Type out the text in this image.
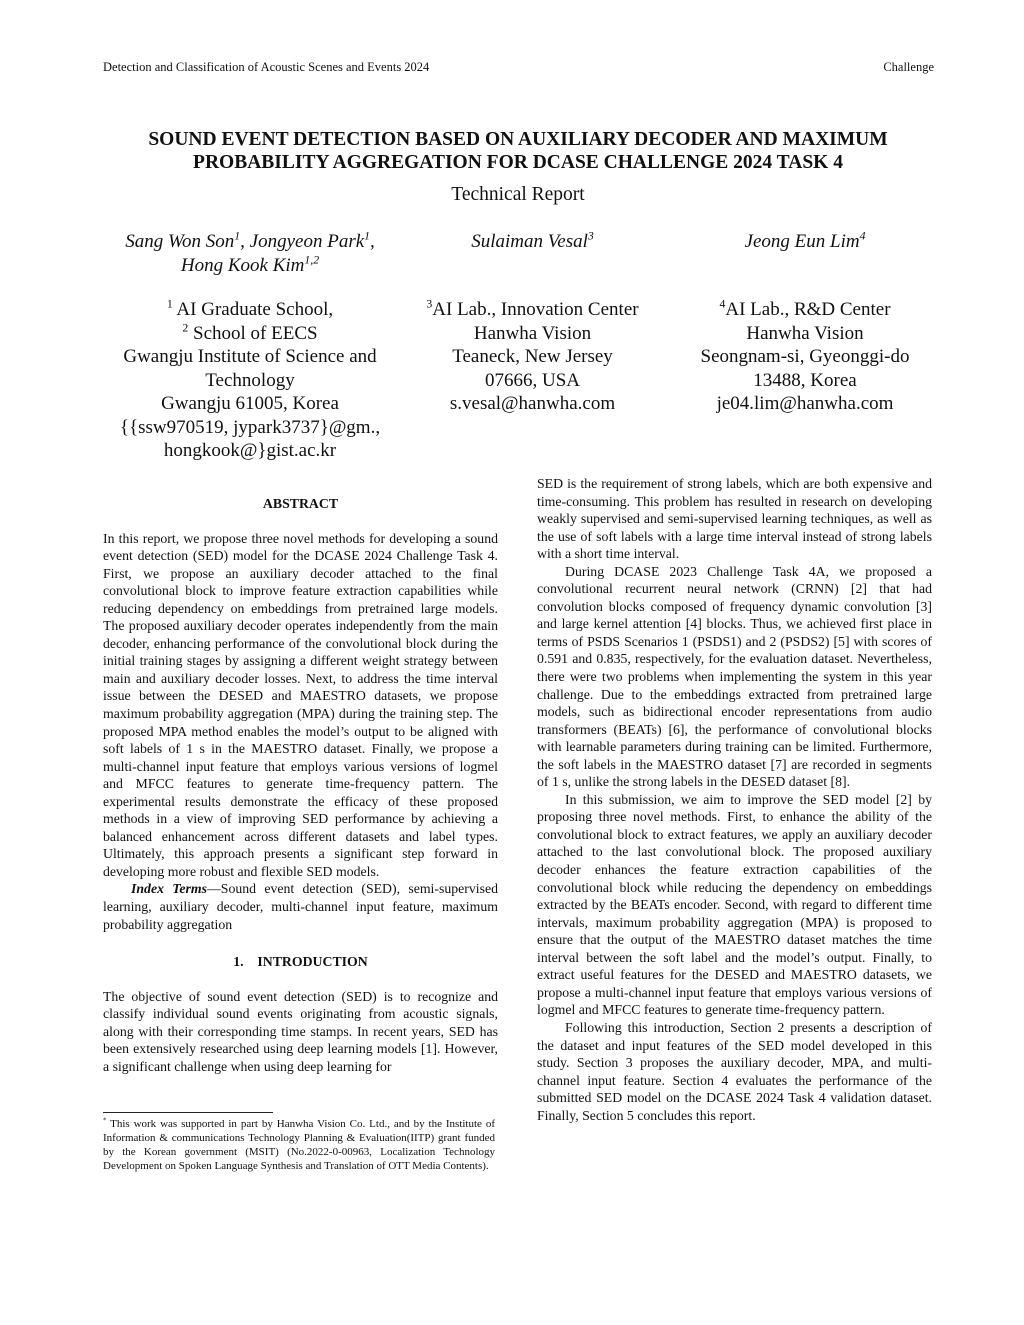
Detection and Classification of Acoustic Scenes and Events 2024	Challenge
SOUND EVENT DETECTION BASED ON AUXILIARY DECODER AND MAXIMUM
PROBABILITY AGGREGATION FOR DCASE CHALLENGE 2024 TASK 4
Technical Report
Sang Won Son$^1$, Jongyeon Park$^1$,
Hong Kook Kim$^{1,2}$
$^1$ AI Graduate School,
$^2$ School of EECS
Gwangju Institute of Science and
Technology
Gwangju 61005, Korea
{{ssw970519, jypark3737}@gm.,
hongkook@}gist.ac.kr
Sulaiman Vesal$^3$

$^3$AI Lab., Innovation Center
Hanwha Vision
Teaneck, New Jersey
07666, USA
s.vesal@hanwha.com
Jeong Eun Lim$^4$

$^4$AI Lab., R&D Center
Hanwha Vision
Seongnam-si, Gyeonggi-do
13488, Korea
je04.lim@hanwha.com
ABSTRACT

In this report, we propose three novel methods for developing a sound event detection (SED) model for the DCASE 2024 Challenge Task 4. First, we propose an auxiliary decoder attached to the final convolutional block to improve feature extraction capabilities while reducing dependency on embeddings from pretrained large models. The proposed auxiliary decoder operates independently from the main decoder, enhancing performance of the convolutional block during the initial training stages by assigning a different weight strategy between main and auxiliary decoder losses. Next, to address the time interval issue between the DESED and MAESTRO datasets, we propose maximum probability aggregation (MPA) during the training step. The proposed MPA method enables the model’s output to be aligned with soft labels of 1 s in the MAESTRO dataset. Finally, we propose a multi-channel input feature that employs various versions of logmel and MFCC features to generate time-frequency pattern. The experimental results demonstrate the efficacy of these proposed methods in a view of improving SED performance by achieving a balanced enhancement across different datasets and label types. Ultimately, this approach presents a significant step forward in developing more robust and flexible SED models.

Index Terms—Sound event detection (SED), semi-supervised learning, auxiliary decoder, multi-channel input feature, maximum probability aggregation

1.    INTRODUCTION

The objective of sound event detection (SED) is to recognize and classify individual sound events originating from acoustic signals, along with their corresponding time stamps. In recent years, SED has been extensively researched using deep learning models [1]. However, a significant challenge when using deep learning for

* This work was supported in part by Hanwha Vision Co. Ltd., and by the Institute of Information & communications Technology Planning & Evaluation(IITP) grant funded by the Korean government (MSIT) (No.2022-0-00963, Localization Technology Development on Spoken Language Synthesis and Translation of OTT Media Contents).

SED is the requirement of strong labels, which are both expensive and time-consuming. This problem has resulted in research on developing weakly supervised and semi-supervised learning techniques, as well as the use of soft labels with a large time interval instead of strong labels with a short time interval.

During DCASE 2023 Challenge Task 4A, we proposed a convolutional recurrent neural network (CRNN) [2] that had convolution blocks composed of frequency dynamic convolution [3] and large kernel attention [4] blocks. Thus, we achieved first place in terms of PSDS Scenarios 1 (PSDS1) and 2 (PSDS2) [5] with scores of 0.591 and 0.835, respectively, for the evaluation dataset. Nevertheless, there were two problems when implementing the system in this year challenge. Due to the embeddings extracted from pretrained large models, such as bidirectional encoder representations from audio transformers (BEATs) [6], the performance of convolutional blocks with learnable parameters during training can be limited. Furthermore, the soft labels in the MAESTRO dataset [7] are recorded in segments of 1 s, unlike the strong labels in the DESED dataset [8].

In this submission, we aim to improve the SED model [2] by proposing three novel methods. First, to enhance the ability of the convolutional block to extract features, we apply an auxiliary decoder attached to the last convolutional block. The proposed auxiliary decoder enhances the feature extraction capabilities of the convolutional block while reducing the dependency on embeddings extracted by the BEATs encoder. Second, with regard to different time intervals, maximum probability aggregation (MPA) is proposed to ensure that the output of the MAESTRO dataset matches the time interval between the soft label and the model’s output. Finally, to extract useful features for the DESED and MAESTRO datasets, we propose a multi-channel input feature that employs various versions of logmel and MFCC features to generate time-frequency pattern.

Following this introduction, Section 2 presents a description of the dataset and input features of the SED model developed in this study. Section 3 proposes the auxiliary decoder, MPA, and multi-channel input feature. Section 4 evaluates the performance of the submitted SED model on the DCASE 2024 Task 4 validation dataset. Finally, Section 5 concludes this report.
